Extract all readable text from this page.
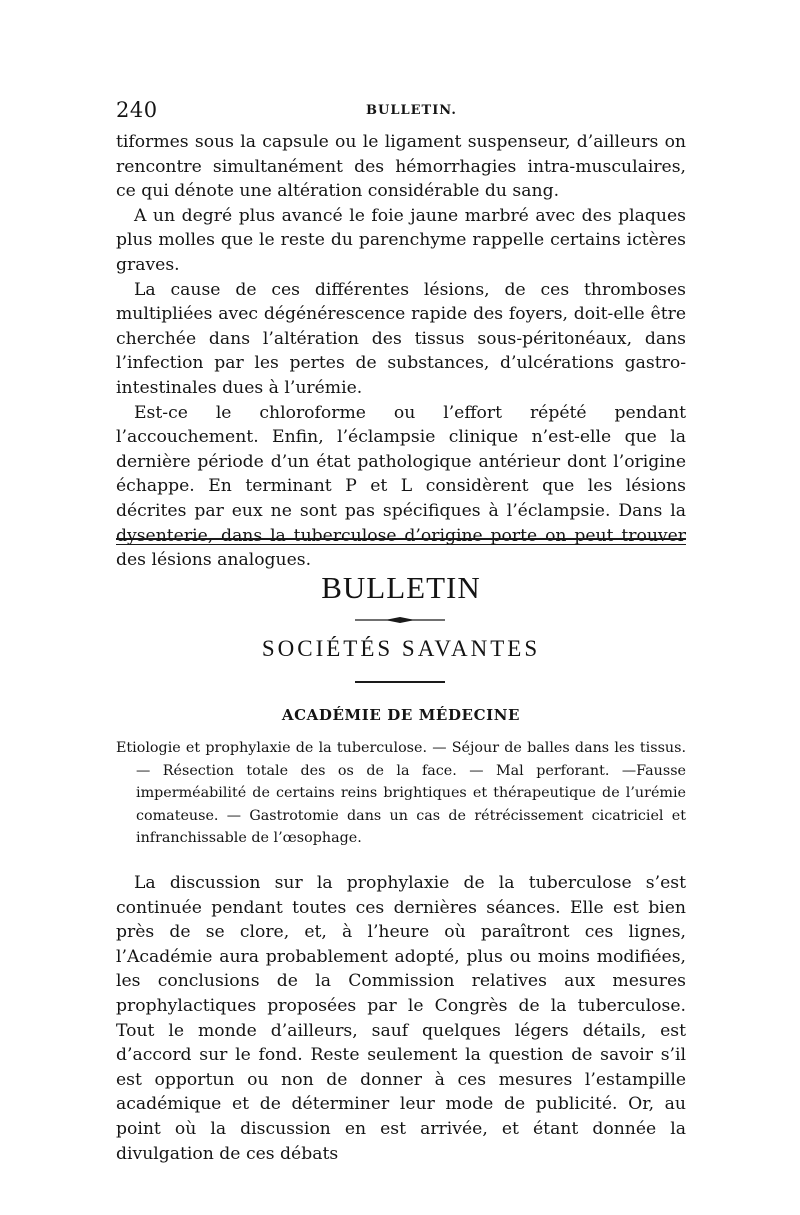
240	BULLETIN.

tiformes sous la capsule ou le ligament suspenseur, d’ailleurs on rencontre simultanément des hémorrhagies intra-musculaires, ce qui dénote une altération considérable du sang.

A un degré plus avancé le foie jaune marbré avec des plaques plus molles que le reste du parenchyme rappelle certains ictères graves.

La cause de ces différentes lésions, de ces thromboses multipliées avec dégénérescence rapide des foyers, doit-elle être cherchée dans l’altération des tissus sous-péritonéaux, dans l’infection par les pertes de substances, d’ulcérations gastro-intestinales dues à l’urémie.

Est-ce le chloroforme ou l’effort répété pendant l’accouchement. Enfin, l’éclampsie clinique n’est-elle que la dernière période d’un état pathologique antérieur dont l’origine échappe. En terminant P et L considèrent que les lésions décrites par eux ne sont pas spécifiques à l’éclampsie. Dans la dysenterie, dans la tuberculose d’origine porte on peut trouver des lésions analogues.

BULLETIN
SOCIÉTÉS SAVANTES
ACADÉMIE DE MÉDECINE

Etiologie et prophylaxie de la tuberculose. — Séjour de balles dans les tissus. — Résection totale des os de la face. — Mal perforant. —Fausse imperméabilité de certains reins brightiques et thérapeutique de l’urémie comateuse. — Gastrotomie dans un cas de rétrécissement cicatriciel et infranchissable de l’œsophage.

La discussion sur la prophylaxie de la tuberculose s’est continuée pendant toutes ces dernières séances. Elle est bien près de se clore, et, à l’heure où paraîtront ces lignes, l’Académie aura probablement adopté, plus ou moins modifiées, les conclusions de la Commission relatives aux mesures prophylactiques proposées par le Congrès de la tuberculose. Tout le monde d’ailleurs, sauf quelques légers détails, est d’accord sur le fond. Reste seulement la question de savoir s’il est opportun ou non de donner à ces mesures l’estampille académique et de déterminer leur mode de publicité. Or, au point où la discussion en est arrivée, et étant donnée la divulgation de ces débats
